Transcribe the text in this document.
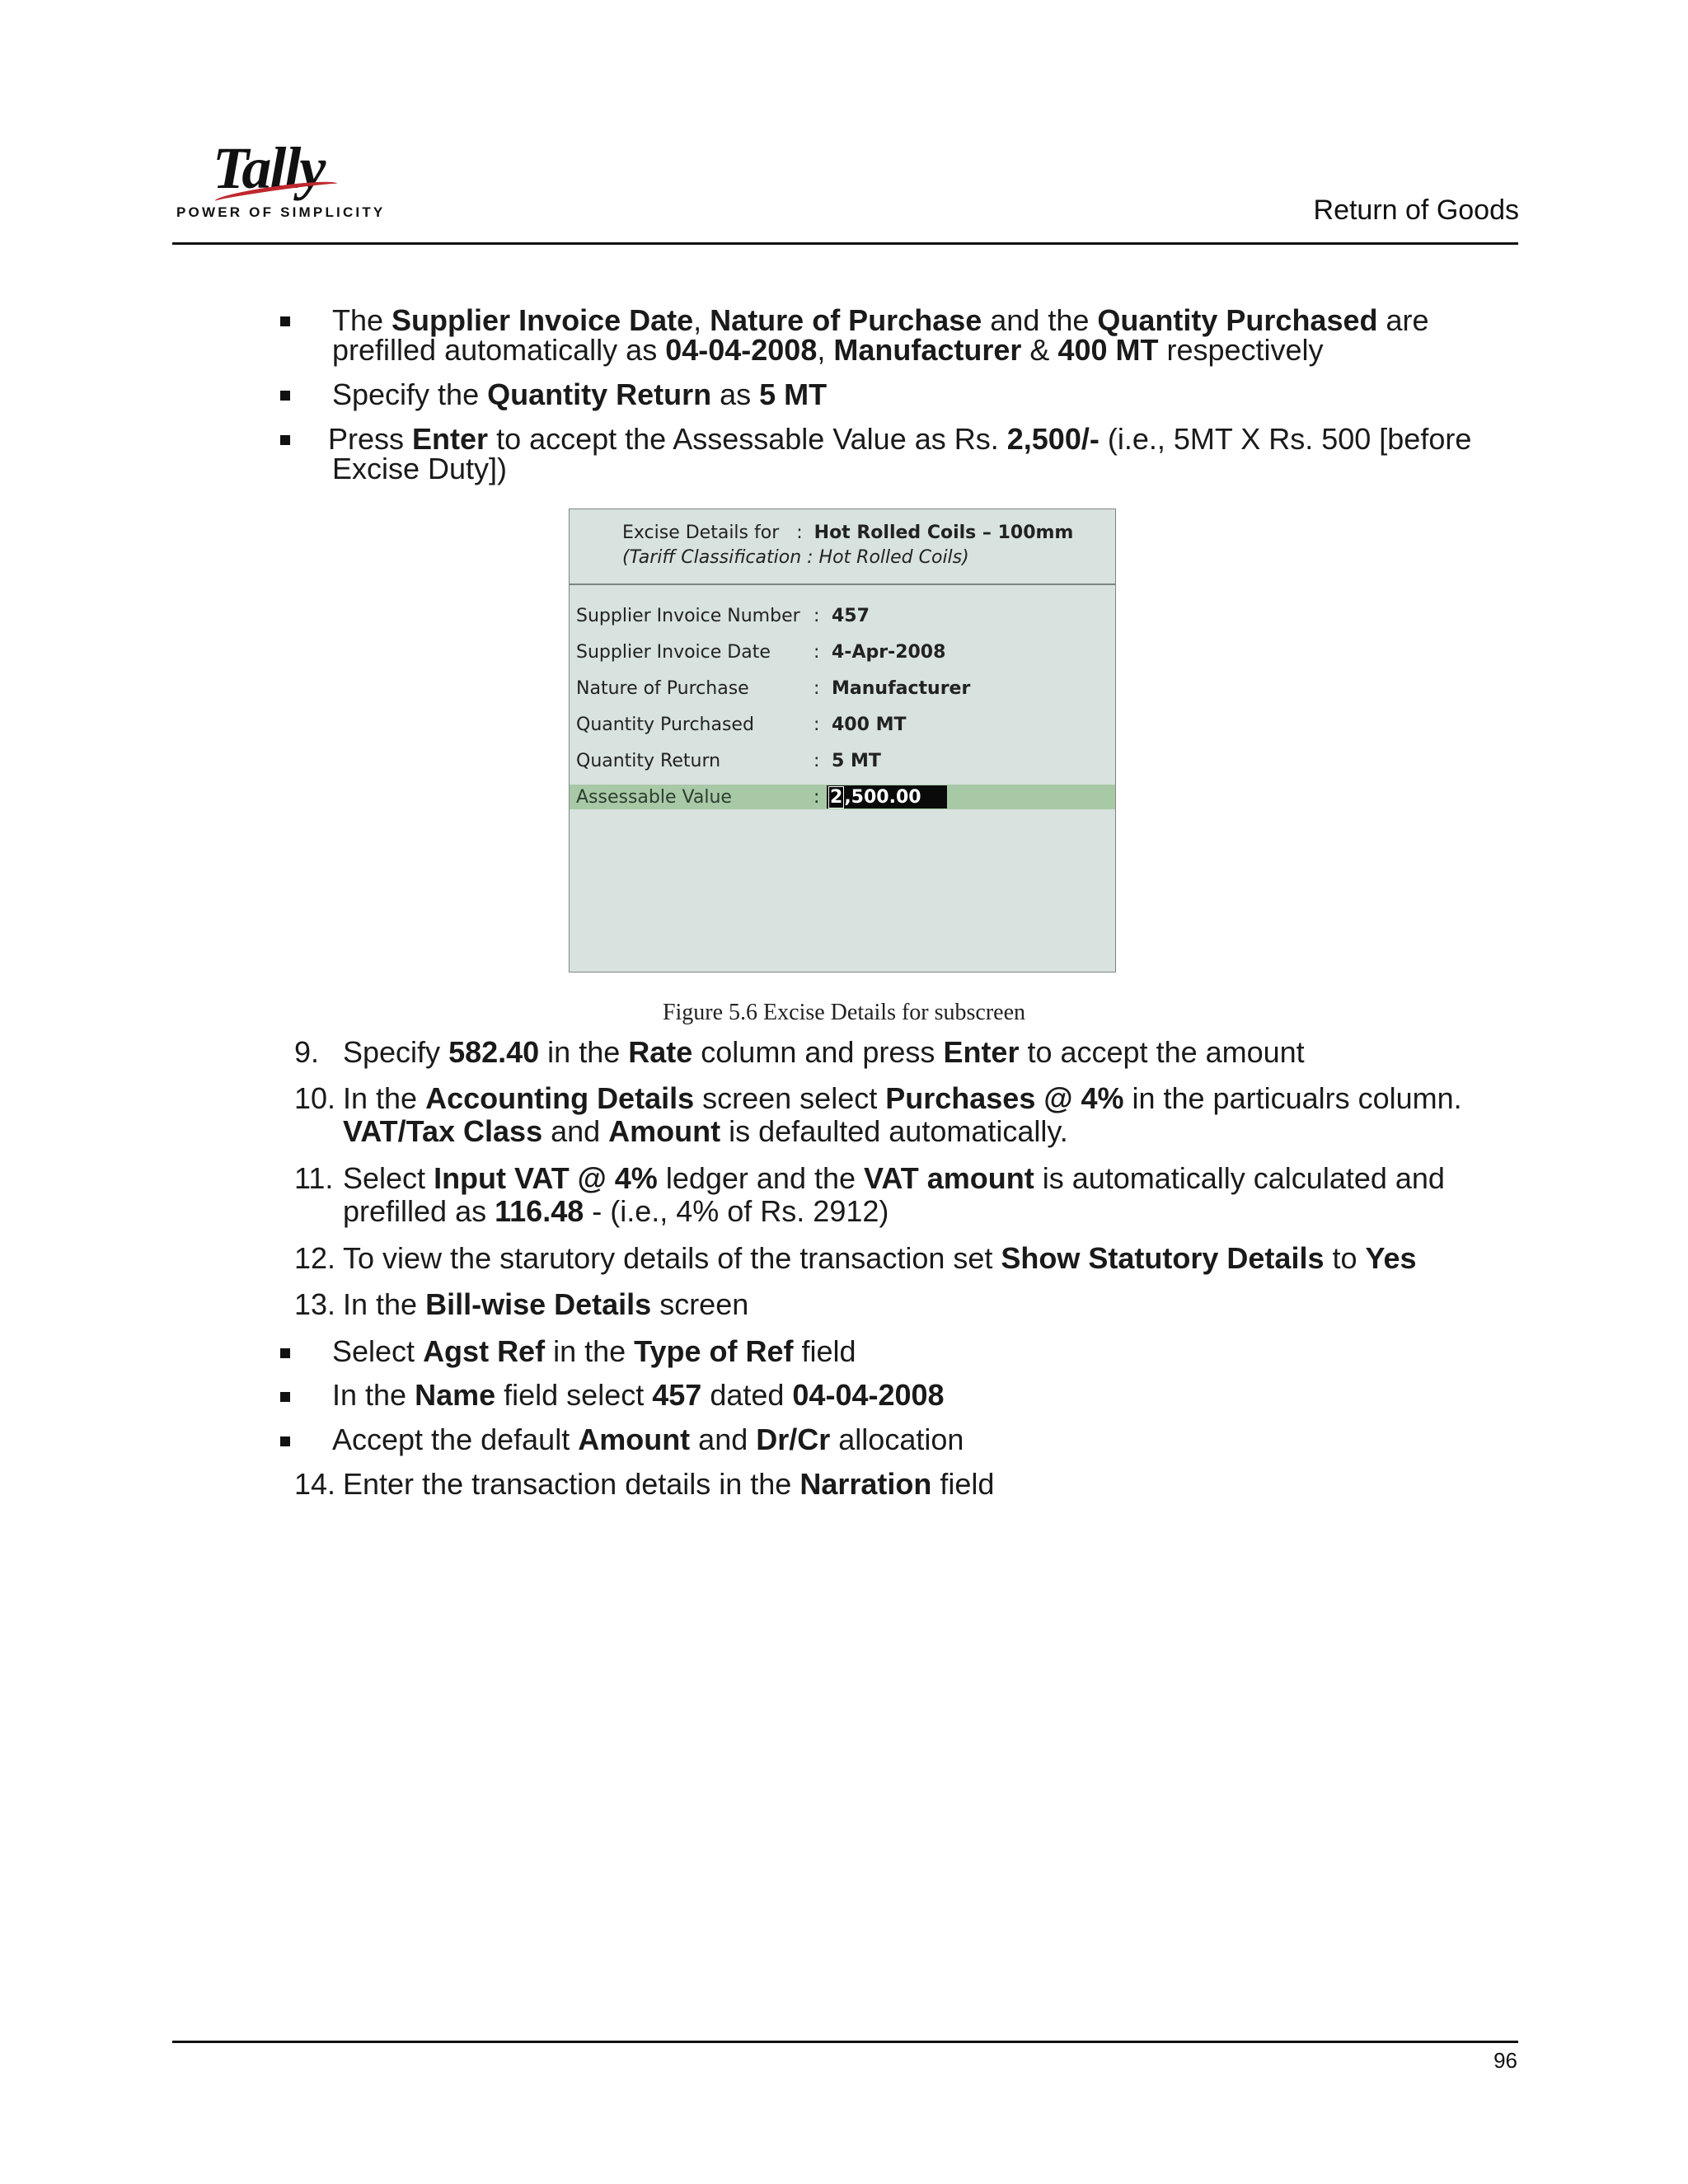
Tally
POWER OF SIMPLICITY	Return of Goods
The Supplier Invoice Date, Nature of Purchase and the Quantity Purchased are
prefilled automatically as 04-04-2008, Manufacturer & 400 MT respectively
Specify the Quantity Return as 5 MT
Press Enter to accept the Assessable Value as Rs. 2,500/- (i.e., 5MT X Rs. 500 [before
Excise Duty])
Excise Details for : Hot Rolled Coils – 100mm
(Tariff Classification : Hot Rolled Coils)
Supplier Invoice Number : 457
Supplier Invoice Date : 4-Apr-2008
Nature of Purchase	: Manufacturer
Quantity Purchased	: 400 MT
Quantity Return	: 5 MT
Assessable Value	: 2,500.00
Figure 5.6 Excise Details for subscreen
9. Specify 582.40 in the Rate column and press Enter to accept the amount
10. In the Accounting Details screen select Purchases @ 4% in the particualrs column.
VAT/Tax Class and Amount is defaulted automatically.
11. Select Input VAT @ 4% ledger and the VAT amount is automatically calculated and
prefilled as 116.48 - (i.e., 4% of Rs. 2912)
12. To view the starutory details of the transaction set Show Statutory Details to Yes
13. In the Bill-wise Details screen
Select Agst Ref in the Type of Ref field
In the Name field select 457 dated 04-04-2008
Accept the default Amount and Dr/Cr allocation
14. Enter the transaction details in the Narration field
96
